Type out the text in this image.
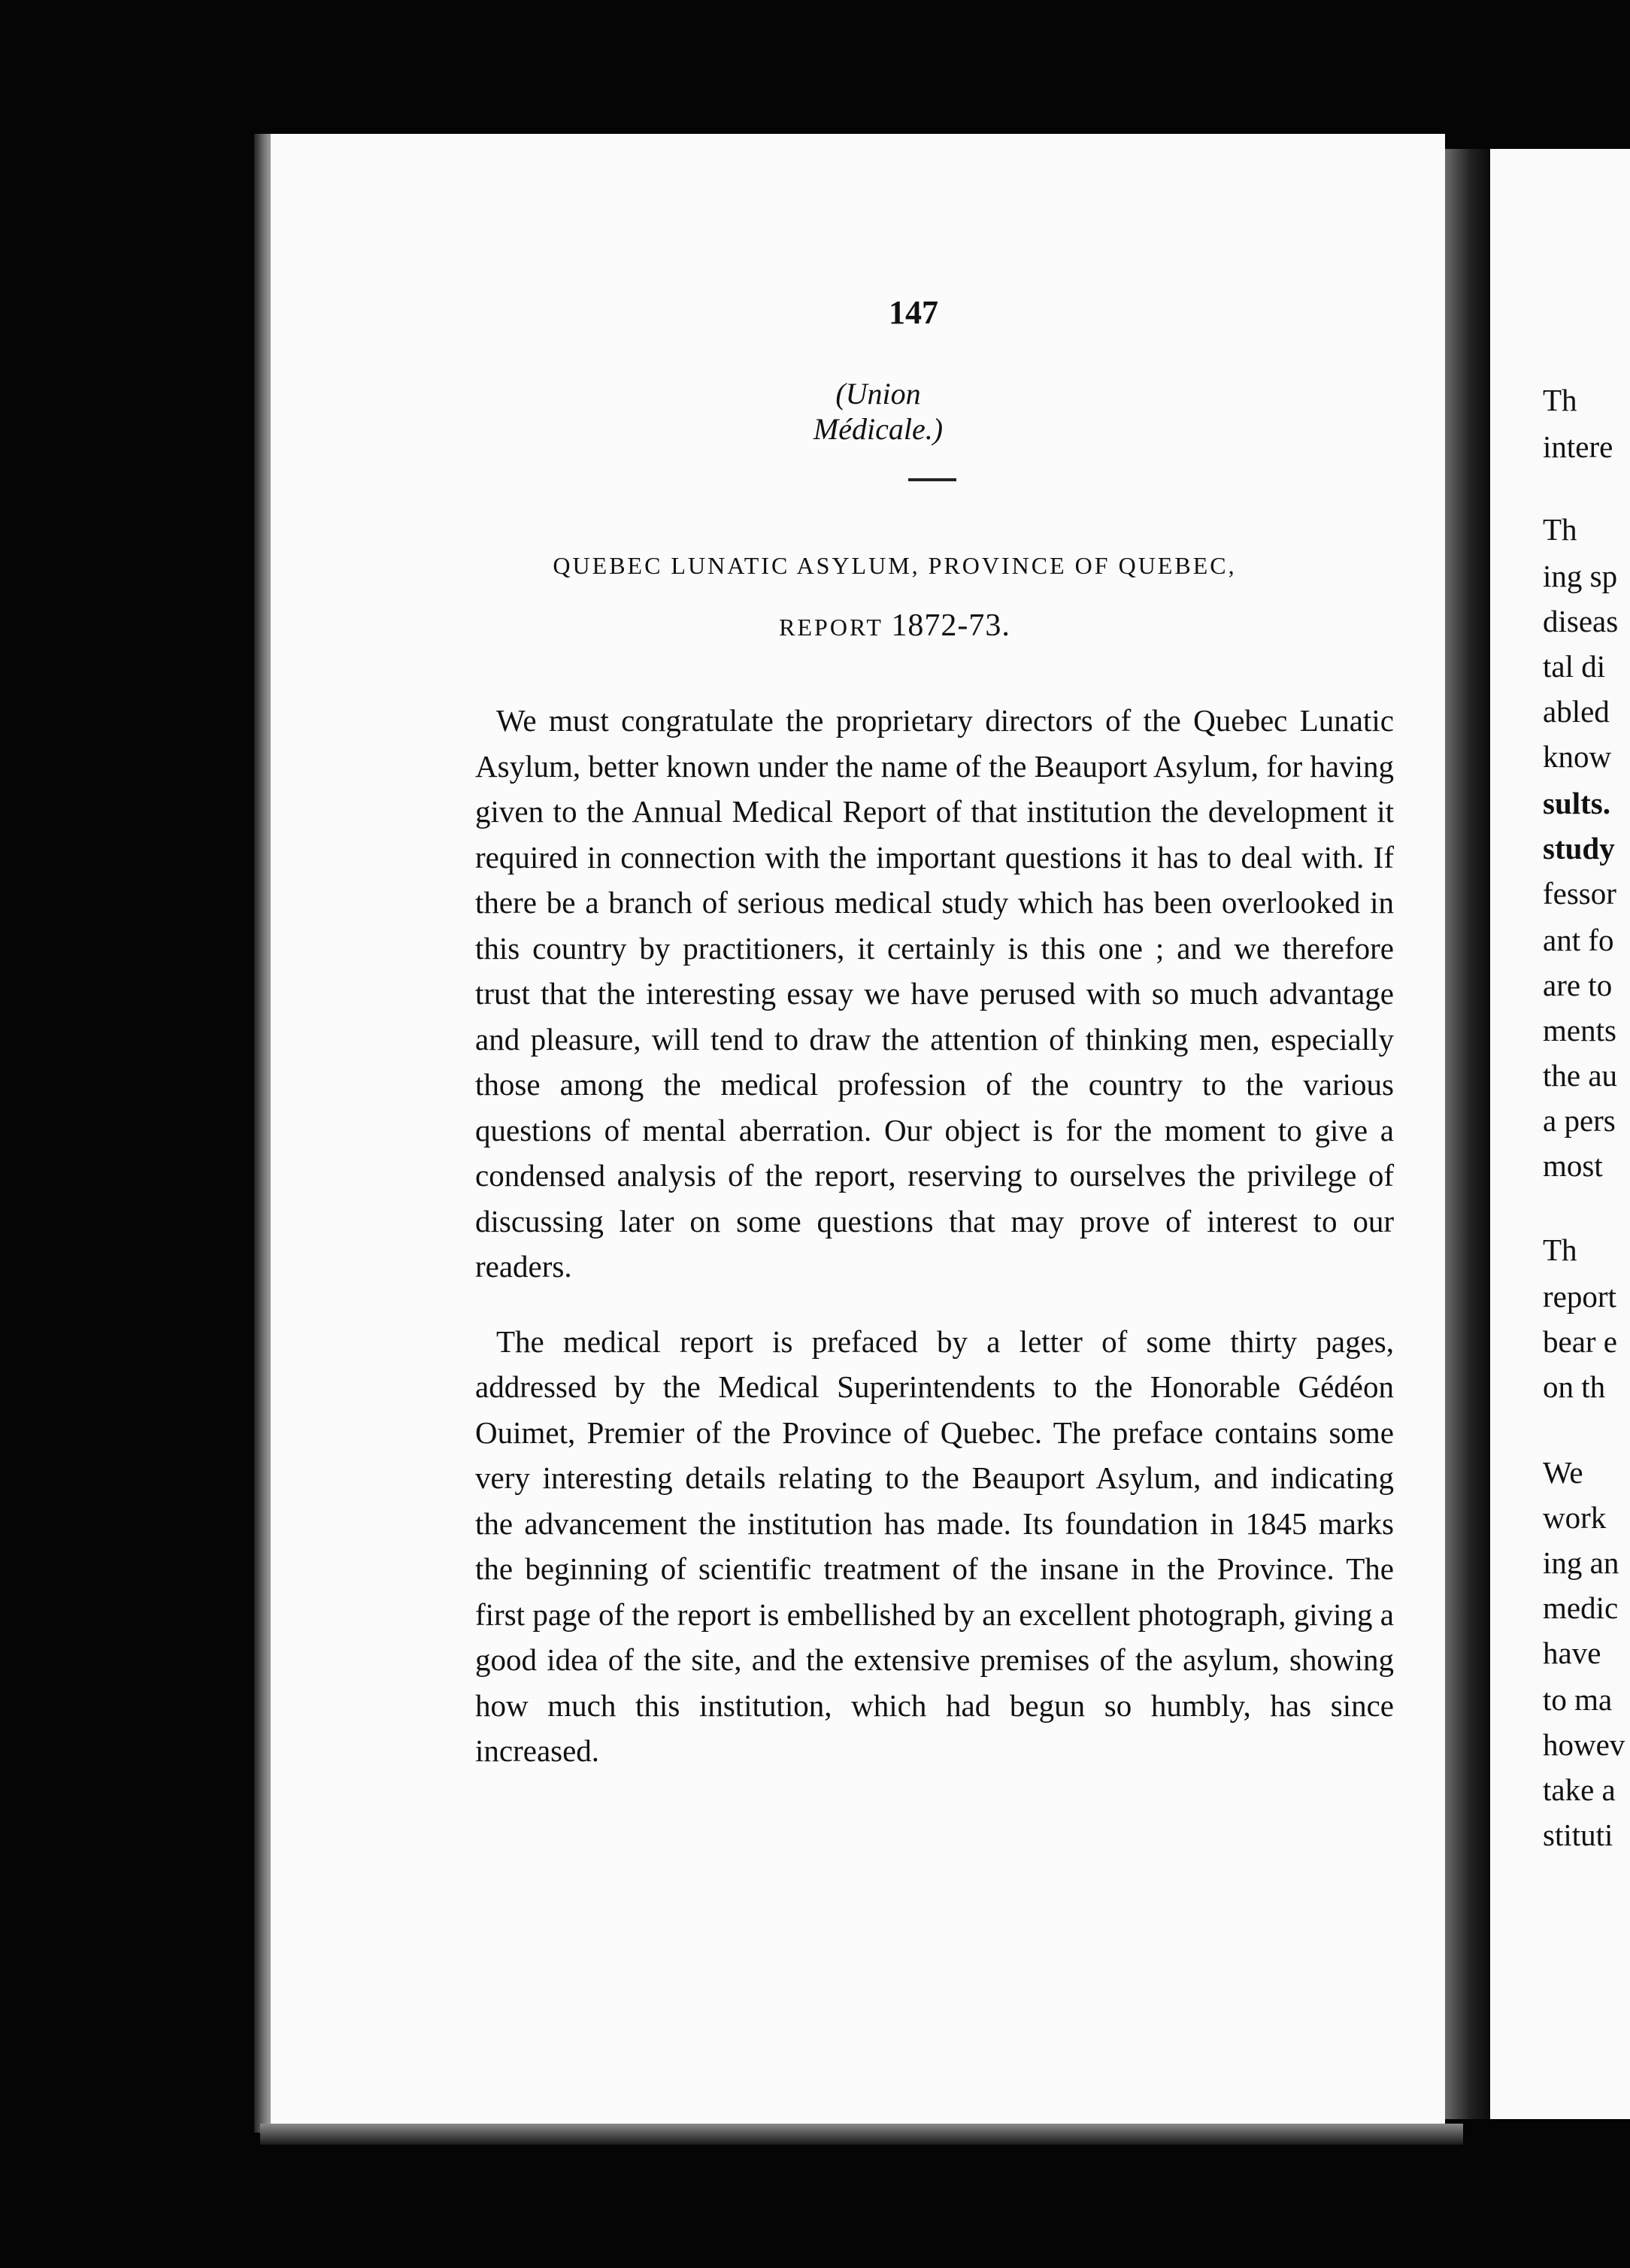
147
(Union Médicale.)
QUEBEC LUNATIC ASYLUM, PROVINCE OF QUEBEC,
REPORT 1872-73.

We must congratulate the proprietary directors of the Quebec Lunatic Asylum, better known under the name of the Beauport Asylum, for having given to the Annual Medical Report of that institution the development it required in connection with the important questions it has to deal with. If there be a branch of serious medical study which has been overlooked in this country by practitioners, it certainly is this one ; and we therefore trust that the interesting essay we have perused with so much advantage and pleasure, will tend to draw the attention of thinking men, especially those among the medical profession of the country to the various questions of mental aberration. Our object is for the moment to give a condensed analysis of the report, reserving to ourselves the privilege of discussing later on some questions that may prove of interest to our readers.

The medical report is prefaced by a letter of some thirty pages, addressed by the Medical Superintendents to the Honorable Gédéon Ouimet, Premier of the Province of Quebec. The preface contains some very interesting details relating to the Beauport Asylum, and indicating the advancement the institution has made. Its foundation in 1845 marks the beginning of scientific treatment of the insane in the Province. The first page of the report is embellished by an excellent photograph, giving a good idea of the site, and the extensive premises of the asylum, showing how much this institution, which had begun so humbly, has since increased.

Th
intere
Th
ing sp
diseas
tal di
abled
know
sults.
study
fessor
ant fo
are to
ments
the au
a pers
most
Th
report
bear e
on th
We
work
ing an
medic
have
to ma
howev
take a
stituti
